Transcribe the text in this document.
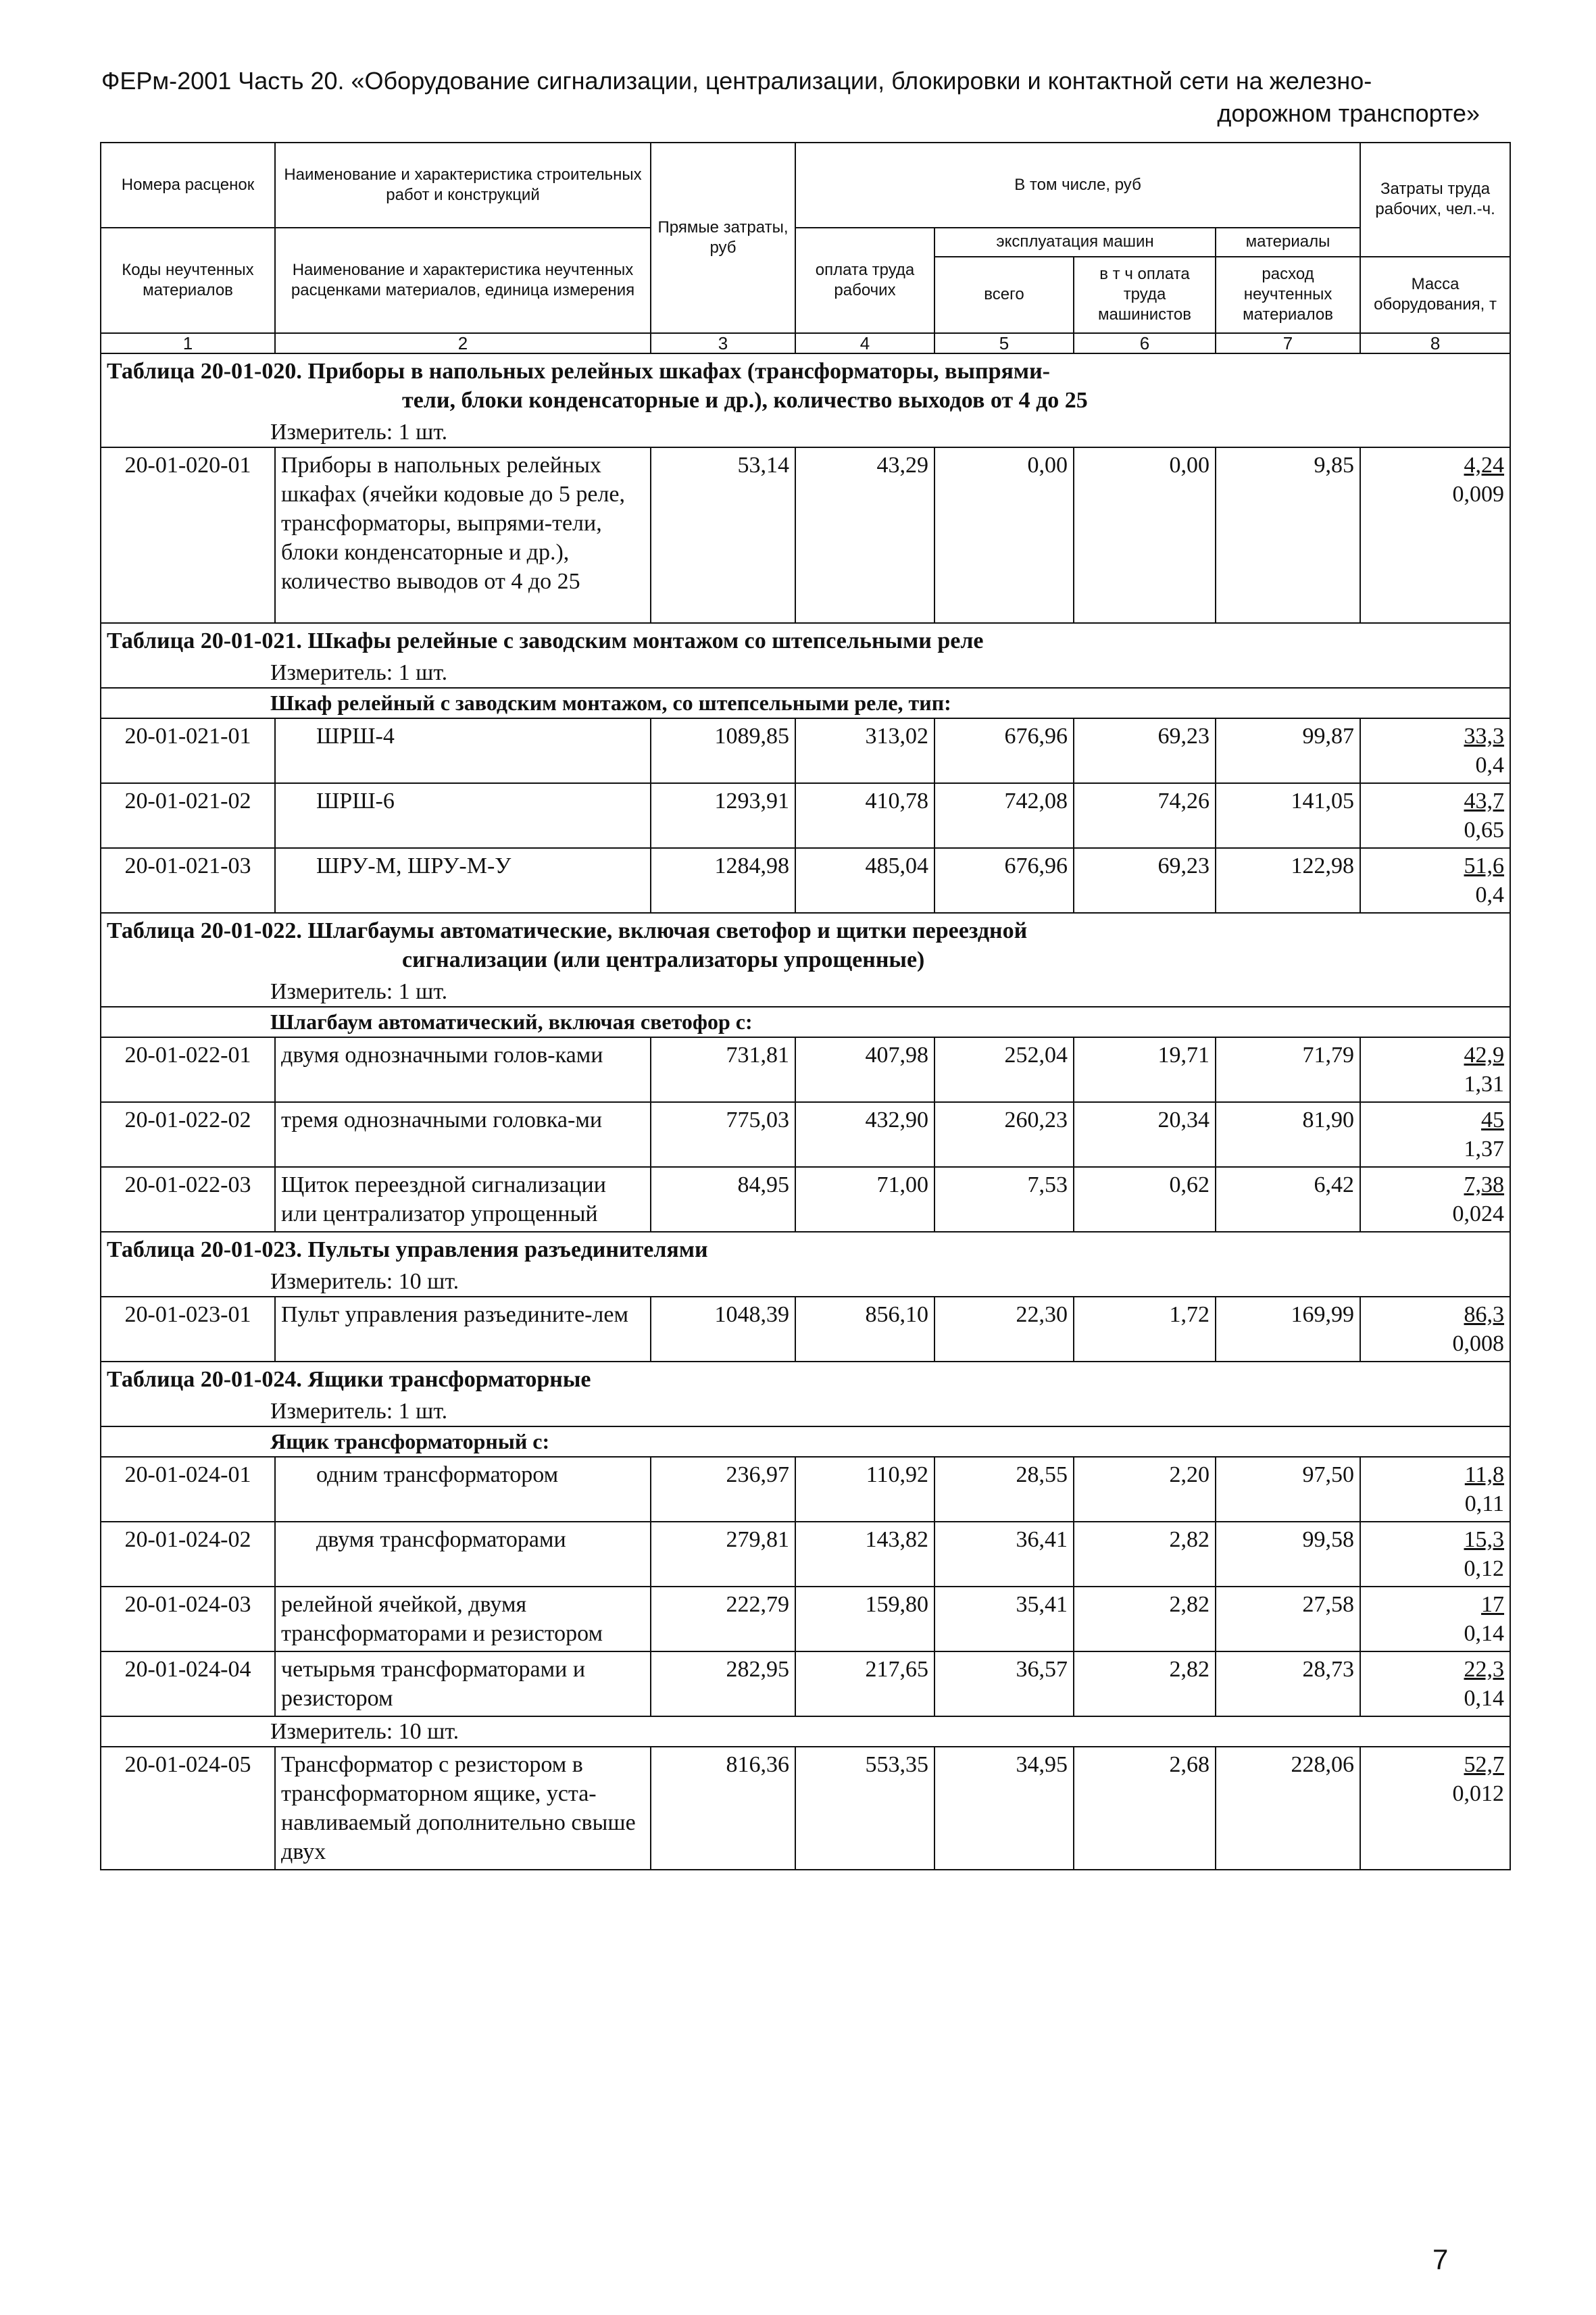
ФЕРм-2001 Часть 20. «Оборудование сигнализации, централизации, блокировки и контактной сети на железно-
дорожном транспорте»
Номера расценок	Наименование и характеристика строительных работ и конструкций	Прямые затраты, руб	В том числе, руб				Затраты труда рабочих, чел.-ч.
Коды неучтенных материалов	Наименование и характеристика неучтенных расценками материалов, единица измерения		оплата труда рабочих	эксплуатация машин		материалы	
				всего	в т ч оплата труда машинистов	расход неучтенных материалов	Масса оборудования, т
1	2	3	4	5	6	7	8
Таблица 20-01-020. Приборы в напольных релейных шкафах (трансформаторы, выпрями-
тели, блоки конденсаторные и др.), количество выходов от 4 до 25							

Измеритель: 1 шт.							
20-01-020-01	Приборы в напольных релейных шкафах (ячейки кодовые до 5 реле, трансформаторы, выпрями-тели, блоки конденсаторные и др.), количество выводов от 4 до 25	53,14	43,29	0,00	0,00	9,85	4,24
0,009

Таблица 20-01-021. Шкафы релейные с заводским монтажом со штепсельными реле							
Измеритель: 1 шт.							
Шкаф релейный с заводским монтажом, со штепсельными реле, тип:							
20-01-021-01	ШРШ-4	1089,85	313,02	676,96	69,23	99,87	33,3
0,4

20-01-021-02	ШРШ-6	1293,91	410,78	742,08	74,26	141,05	43,7
0,65

20-01-021-03	ШРУ-М, ШРУ-М-У	1284,98	485,04	676,96	69,23	122,98	51,6
0,4

Таблица 20-01-022. Шлагбаумы автоматические, включая светофор и щитки переездной
сигнализации (или централизаторы упрощенные)							

Измеритель: 1 шт.							
Шлагбаум автоматический, включая светофор с:							
20-01-022-01	двумя однозначными голов-ками	731,81	407,98	252,04	19,71	71,79	42,9
1,31

20-01-022-02	тремя однозначными головка-ми	775,03	432,90	260,23	20,34	81,90	45
1,37

20-01-022-03	Щиток переездной сигнализации или централизатор упрощенный	84,95	71,00	7,53	0,62	6,42	7,38
0,024

Таблица 20-01-023. Пульты управления разъединителями							
Измеритель: 10 шт.							
20-01-023-01	Пульт управления разъедините-лем	1048,39	856,10	22,30	1,72	169,99	86,3
0,008

Таблица 20-01-024. Ящики трансформаторные							
Измеритель: 1 шт.							
Ящик трансформаторный с:							
20-01-024-01	одним трансформатором	236,97	110,92	28,55	2,20	97,50	11,8
0,11

20-01-024-02	двумя трансформаторами	279,81	143,82	36,41	2,82	99,58	15,3
0,12

20-01-024-03	релейной ячейкой, двумя трансформаторами и резистором	222,79	159,80	35,41	2,82	27,58	17
0,14

20-01-024-04	четырьмя трансформаторами и резистором	282,95	217,65	36,57	2,82	28,73	22,3
0,14

Измеритель: 10 шт.							
20-01-024-05	Трансформатор с резистором в трансформаторном ящике, уста-навливаемый дополнительно свыше двух	816,36	553,35	34,95	2,68	228,06	52,7
0,012
7
